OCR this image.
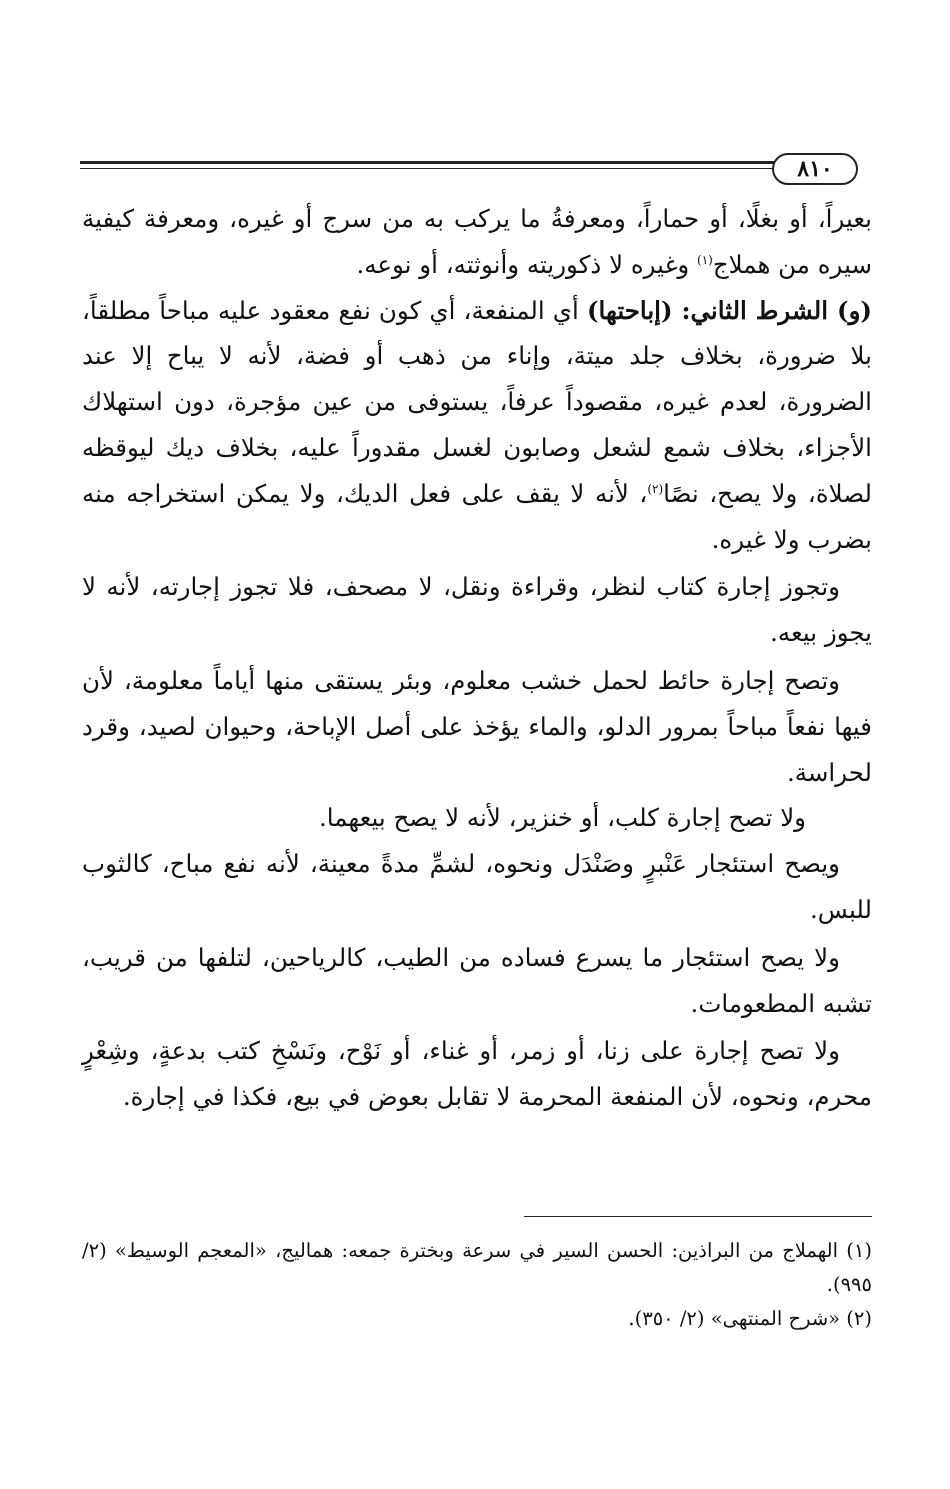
٨١٠

بعيراً، أو بغلًا، أو حماراً، ومعرفةُ ما يركب به من سرج أو غيره، ومعرفة كيفية سيره من هملاج$^{(١)}$ وغيره لا ذكوريته وأنوثته، أو نوعه.

(و) الشرط الثاني: (إباحتها) أي المنفعة، أي كون نفع معقود عليه مباحاً مطلقاً، بلا ضرورة، بخلاف جلد ميتة، وإناء من ذهب أو فضة، لأنه لا يباح إلا عند الضرورة، لعدم غيره، مقصوداً عرفاً، يستوفى من عين مؤجرة، دون استهلاك الأجزاء، بخلاف شمع لشعل وصابون لغسل مقدوراً عليه، بخلاف ديك ليوقظه لصلاة، ولا يصح، نصًا$^{(٢)}$، لأنه لا يقف على فعل الديك، ولا يمكن استخراجه منه بضرب ولا غيره.

وتجوز إجارة كتاب لنظر، وقراءة ونقل، لا مصحف، فلا تجوز إجارته، لأنه لا يجوز بيعه.

وتصح إجارة حائط لحمل خشب معلوم، وبئر يستقى منها أياماً معلومة، لأن فيها نفعاً مباحاً بمرور الدلو، والماء يؤخذ على أصل الإباحة، وحيوان لصيد، وقرد لحراسة.

ولا تصح إجارة كلب، أو خنزير، لأنه لا يصح بيعهما.

ويصح استئجار عَنْبرٍ وصَنْدَل ونحوه، لشمِّ مدةً معينة، لأنه نفع مباح، كالثوب للبس.

ولا يصح استئجار ما يسرع فساده من الطيب، كالرياحين، لتلفها من قريب، تشبه المطعومات.

ولا تصح إجارة على زنا، أو زمر، أو غناء، أو نَوْح، ونَسْخِ كتب بدعةٍ، وشِعْرٍ محرم، ونحوه، لأن المنفعة المحرمة لا تقابل بعوض في بيع، فكذا في إجارة.

(١) الهملاج من البراذين: الحسن السير في سرعة وبخترة جمعه: هماليج، «المعجم الوسيط» (٢/ ٩٩٥).

(٢) «شرح المنتهى» (٢/ ٣٥٠).
